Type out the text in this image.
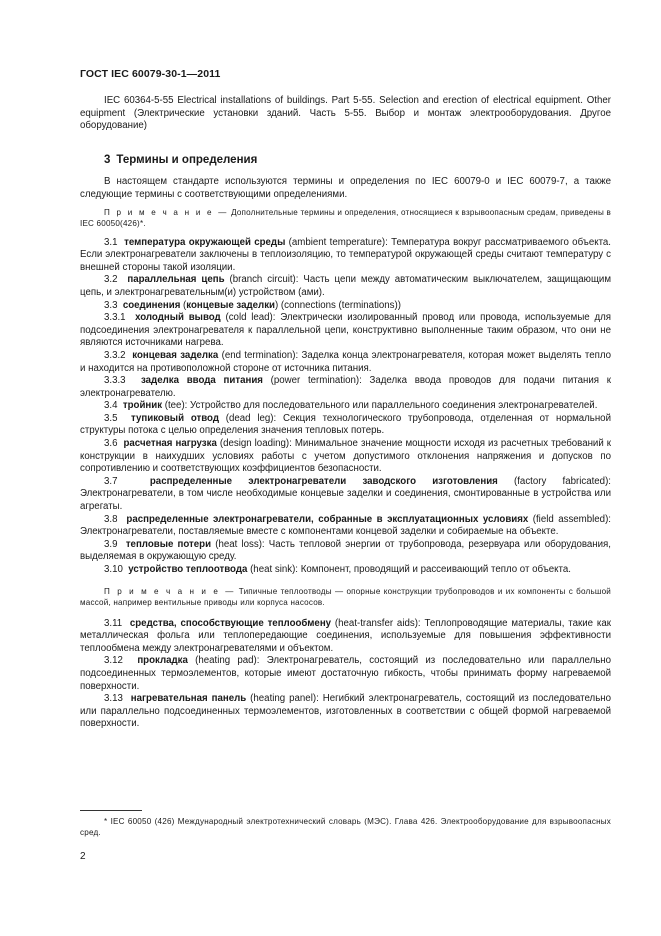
ГОСТ IEC 60079-30-1—2011

IEC 60364-5-55 Electrical installations of buildings. Part 5-55. Selection and erection of electrical equipment. Other equipment (Электрические установки зданий. Часть 5-55. Выбор и монтаж электрооборудования. Другое оборудование)

3 Термины и определения

В настоящем стандарте используются термины и определения по IEC 60079-0 и IEC 60079-7, а также следующие термины с соответствующими определениями.

П р и м е ч а н и е — Дополнительные термины и определения, относящиеся к взрывоопасным средам, приведены в IEC 60050(426)*.

3.1 температура окружающей среды (ambient temperature): Температура вокруг рассматриваемого объекта. Если электронагреватели заключены в теплоизоляцию, то температурой окружающей среды считают температуру с внешней стороны такой изоляции.

3.2 параллельная цепь (branch circuit): Часть цепи между автоматическим выключателем, защищающим цепь, и электронагревательным(и) устройством (ами).

3.3 соединения (концевые заделки) (connections (terminations))

3.3.1 холодный вывод (cold lead): Электрически изолированный провод или провода, используемые для подсоединения электронагревателя к параллельной цепи, конструктивно выполненные таким образом, что они не являются источниками нагрева.

3.3.2 концевая заделка (end termination): Заделка конца электронагревателя, которая может выделять тепло и находится на противоположной стороне от источника питания.

3.3.3 заделка ввода питания (power termination): Заделка ввода проводов для подачи питания к электронагревателю.

3.4 тройник (tee): Устройство для последовательного или параллельного соединения электронагревателей.

3.5 тупиковый отвод (dead leg): Секция технологического трубопровода, отделенная от нормальной структуры потока с целью определения значения тепловых потерь.

3.6 расчетная нагрузка (design loading): Минимальное значение мощности исходя из расчетных требований к конструкции в наихудших условиях работы с учетом допустимого отклонения напряжения и допусков по сопротивлению и соответствующих коэффициентов безопасности.

3.7	распределенные электронагреватели заводского изготовления (factory fabricated): Электронагреватели, в том числе необходимые концевые заделки и соединения, смонтированные в устройства или агрегаты.

3.8 распределенные электронагреватели, собранные в эксплуатационных условиях (field assembled): Электронагреватели, поставляемые вместе с компонентами концевой заделки и собираемые на объекте.

3.9 тепловые потери (heat loss): Часть тепловой энергии от трубопровода, резервуара или оборудования, выделяемая в окружающую среду.

3.10 устройство теплоотвода (heat sink): Компонент, проводящий и рассеивающий тепло от объекта.

П р и м е ч а н и е — Типичные теплоотводы — опорные конструкции трубопроводов и их компоненты с большой массой, например вентильные приводы или корпуса насосов.

3.11 средства, способствующие теплообмену (heat-transfer aids): Теплопроводящие материалы, такие как металлическая фольга или теплопередающие соединения, используемые для повышения эффективности теплообмена между электронагревателями и объектом.

3.12 прокладка (heating pad): Электронагреватель, состоящий из последовательно или параллельно подсоединенных термоэлементов, которые имеют достаточную гибкость, чтобы принимать форму нагреваемой поверхности.

3.13 нагревательная панель (heating panel): Негибкий электронагреватель, состоящий из последовательно или параллельно подсоединенных термоэлементов, изготовленных в соответствии с общей формой нагреваемой поверхности.

* IEC 60050 (426) Международный электротехнический словарь (МЭС). Глава 426. Электрооборудование для взрывоопасных сред.
2
